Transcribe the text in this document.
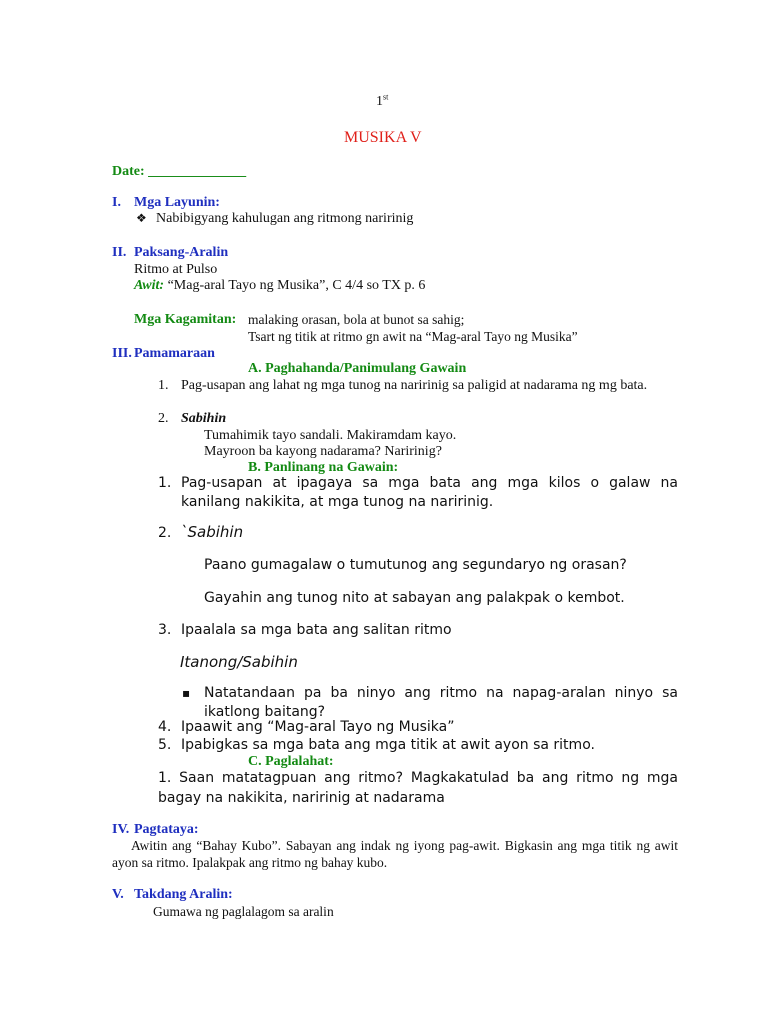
1st
MUSIKA V
Date: ______________
I. Mga Layunin:
❖ Nabibigyang kahulugan ang ritmong naririnig
II. Paksang-Aralin
Ritmo at Pulso
Awit: “Mag-aral Tayo ng Musika”, C 4/4 so TX p. 6
Mga Kagamitan: malaking orasan, bola at bunot sa sahig;
Tsart ng titik at ritmo gn awit na “Mag-aral Tayo ng Musika”
III. Pamamaraan
A. Paghahanda/Panimulang Gawain
1. Pag-usapan ang lahat ng mga tunog na naririnig sa paligid at nadarama ng mg bata.
2. Sabihin
Tumahimik tayo sandali. Makiramdam kayo.
Mayroon ba kayong nadarama? Naririnig?
B. Panlinang na Gawain:
1. Pag-usapan at ipagaya sa mga bata ang mga kilos o galaw na kanilang nakikita, at mga tunog na naririnig.
2. `Sabihin
Paano gumagalaw o tumutunog ang segundaryo ng orasan?
Gayahin ang tunog nito at sabayan ang palakpak o kembot.
3. Ipaalala sa mga bata ang salitan ritmo
Itanong/Sabihin
▪ Natatandaan pa ba ninyo ang ritmo na napag-aralan ninyo sa ikatlong baitang?
4. Ipaawit ang “Mag-aral Tayo ng Musika”
5. Ipabigkas sa mga bata ang mga titik at awit ayon sa ritmo.
C. Paglalahat:
1. Saan matatagpuan ang ritmo? Magkakatulad ba ang ritmo ng mga bagay na nakikita, naririnig at nadarama
IV. Pagtataya:
Awitin ang “Bahay Kubo”. Sabayan ang indak ng iyong pag-awit. Bigkasin ang mga titik ng awit ayon sa ritmo. Ipalakpak ang ritmo ng bahay kubo.
V. Takdang Aralin:
Gumawa ng paglalagom sa aralin
